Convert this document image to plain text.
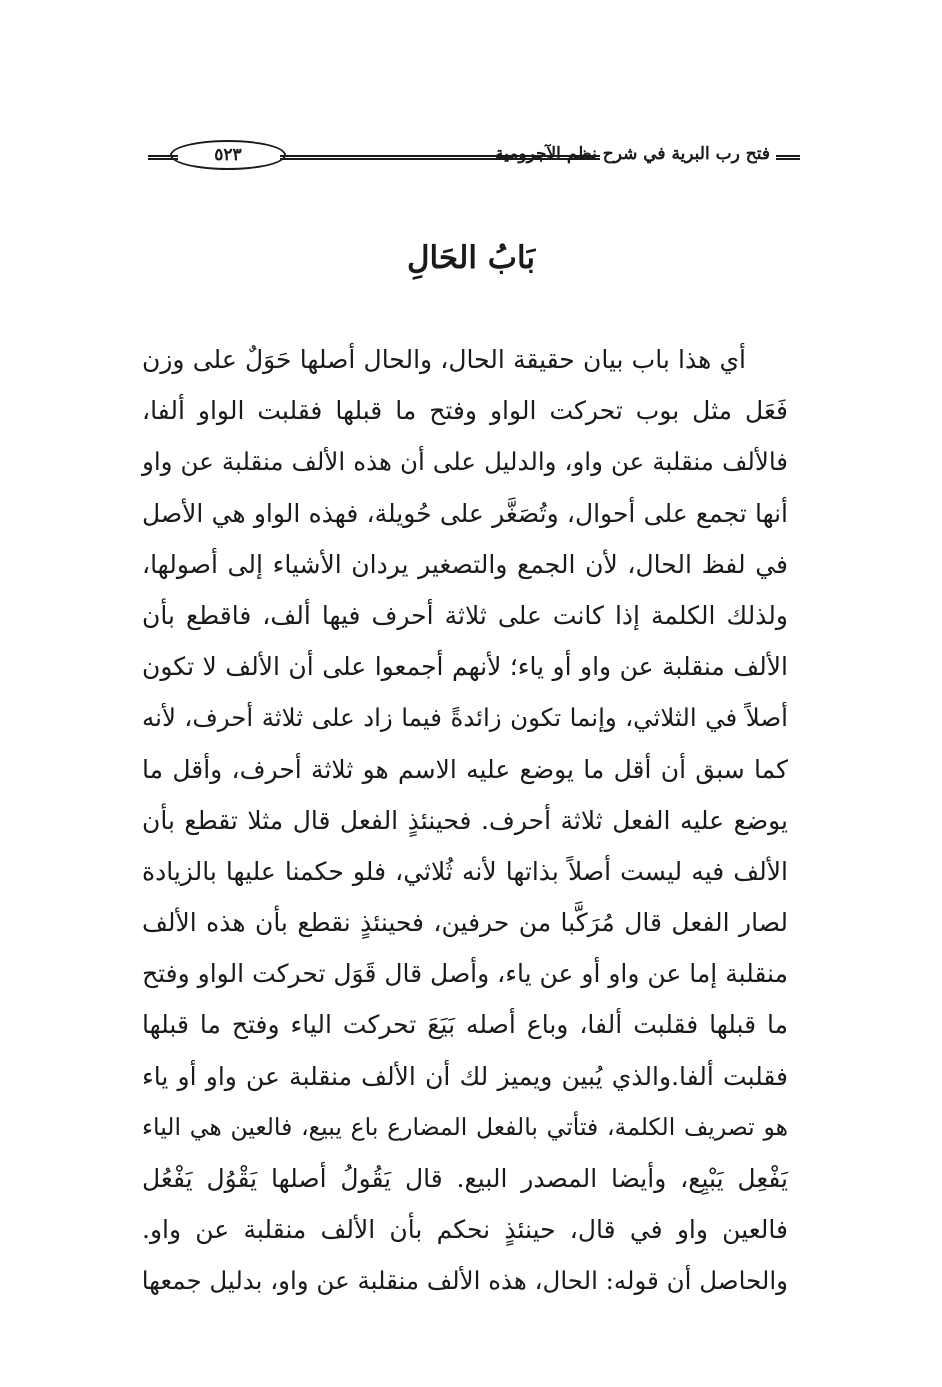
فتح رب البرية في شرح نظم الآجرومية
٥٢٣
بَابُ الحَالِ
أي هذا باب بيان حقيقة الحال، والحال أصلها حَوَلٌ على وزن
فَعَل مثل بوب تحركت الواو وفتح ما قبلها فقلبت الواو ألفا،
فالألف منقلبة عن واو، والدليل على أن هذه الألف منقلبة عن واو
أنها تجمع على أحوال، وتُصَغَّر على حُويلة، فهذه الواو هي الأصل
في لفظ الحال، لأن الجمع والتصغير يردان الأشياء إلى أصولها،
ولذلك الكلمة إذا كانت على ثلاثة أحرف فيها ألف، فاقطع بأن
الألف منقلبة عن واو أو ياء؛ لأنهم أجمعوا على أن الألف لا تكون
أصلاً في الثلاثي، وإنما تكون زائدةً فيما زاد على ثلاثة أحرف، لأنه
كما سبق أن أقل ما يوضع عليه الاسم هو ثلاثة أحرف، وأقل ما
يوضع عليه الفعل ثلاثة أحرف. فحينئذٍ الفعل قال مثلا تقطع بأن
الألف فيه ليست أصلاً بذاتها لأنه ثُلاثي، فلو حكمنا عليها بالزيادة
لصار الفعل قال مُرَكَّبا من حرفين، فحينئذٍ نقطع بأن هذه الألف
منقلبة إما عن واو أو عن ياء، وأصل قال قَوَل تحركت الواو وفتح
ما قبلها فقلبت ألفا، وباع أصله بَيَعَ تحركت الياء وفتح ما قبلها
فقلبت ألفا.والذي يُبين ويميز لك أن الألف منقلبة عن واو أو ياء
هو تصريف الكلمة، فتأتي بالفعل المضارع باع يبيع، فالعين هي الياء
يَفْعِل يَبْيِع، وأيضا المصدر البيع. قال يَقُولُ أصلها يَقْوُل يَفْعُل
فالعين واو في قال، حينئذٍ نحكم بأن الألف منقلبة عن واو.
والحاصل أن قوله: الحال، هذه الألف منقلبة عن واو، بدليل جمعها
